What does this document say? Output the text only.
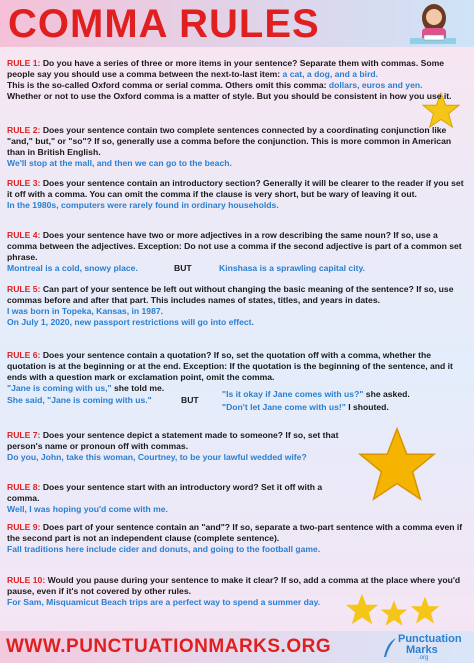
COMMA RULES

RULE 1: Do you have a series of three or more items in your sentence? Separate them with commas. Some people say you should use a comma between the next-to-last item: a cat, a dog, and a bird.

This is the so-called Oxford comma or serial comma. Others omit this comma: dollars, euros and yen.

Whether or not to use the Oxford comma is a matter of style. But you should be consistent in how you use it.

RULE 2: Does your sentence contain two complete sentences connected by a coordinating conjunction like "and," but," or "so"? If so, generally use a comma before the conjunction. This is more common in American than in British English.

We'll stop at the mall, and then we can go to the beach.

RULE 3: Does your sentence contain an introductory section? Generally it will be clearer to the reader if you set it off with a comma. You can omit the comma if the clause is very short, but be wary of leaving it out.

In the 1980s, computers were rarely found in ordinary households.

RULE 4: Does your sentence have two or more adjectives in a row describing the same noun? If so, use a comma between the adjectives. Exception: Do not use a comma if the second adjective is part of a common set phrase.

Montreal is a cold, snowy place.	BUT	Kinshasa is a sprawling capital city.

RULE 5: Can part of your sentence be left out without changing the basic meaning of the sentence? If so, use commas before and after that part. This includes names of states, titles, and years in dates.

I was born in Topeka, Kansas, in 1987.

On July 1, 2020, new passport restrictions will go into effect.

RULE 6: Does your sentence contain a quotation? If so, set the quotation off with a comma, whether the quotation is at the beginning or at the end. Exception: If the quotation is the beginning of the sentence, and it ends with a question mark or exclamation point, omit the comma.

"Jane is coming with us," she told me.
She said, "Jane is coming with us."	BUT
"Is it okay if Jane comes with us?" she asked.
"Don't let Jane come with us!" I shouted.

RULE 7: Does your sentence depict a statement made to someone? If so, set that person's name or pronoun off with commas.

Do you, John, take this woman, Courtney, to be your lawful wedded wife?

RULE 8: Does your sentence start with an introductory word? Set it off with a comma.

Well, I was hoping you'd come with me.

RULE 9: Does part of your sentence contain an "and"? If so, separate a two-part sentence with a comma even if the second part is not an independent clause (complete sentence).

Fall traditions here include cider and donuts, and going to the football game.

RULE 10: Would you pause during your sentence to make it clear? If so, add a comma at the place where you'd pause, even if it's not covered by other rules.

For Sam, Misquamicut Beach trips are a perfect way to spend a summer day.

WWW.PUNCTUATIONMARKS.ORG	Punctuation
Marks
.org
